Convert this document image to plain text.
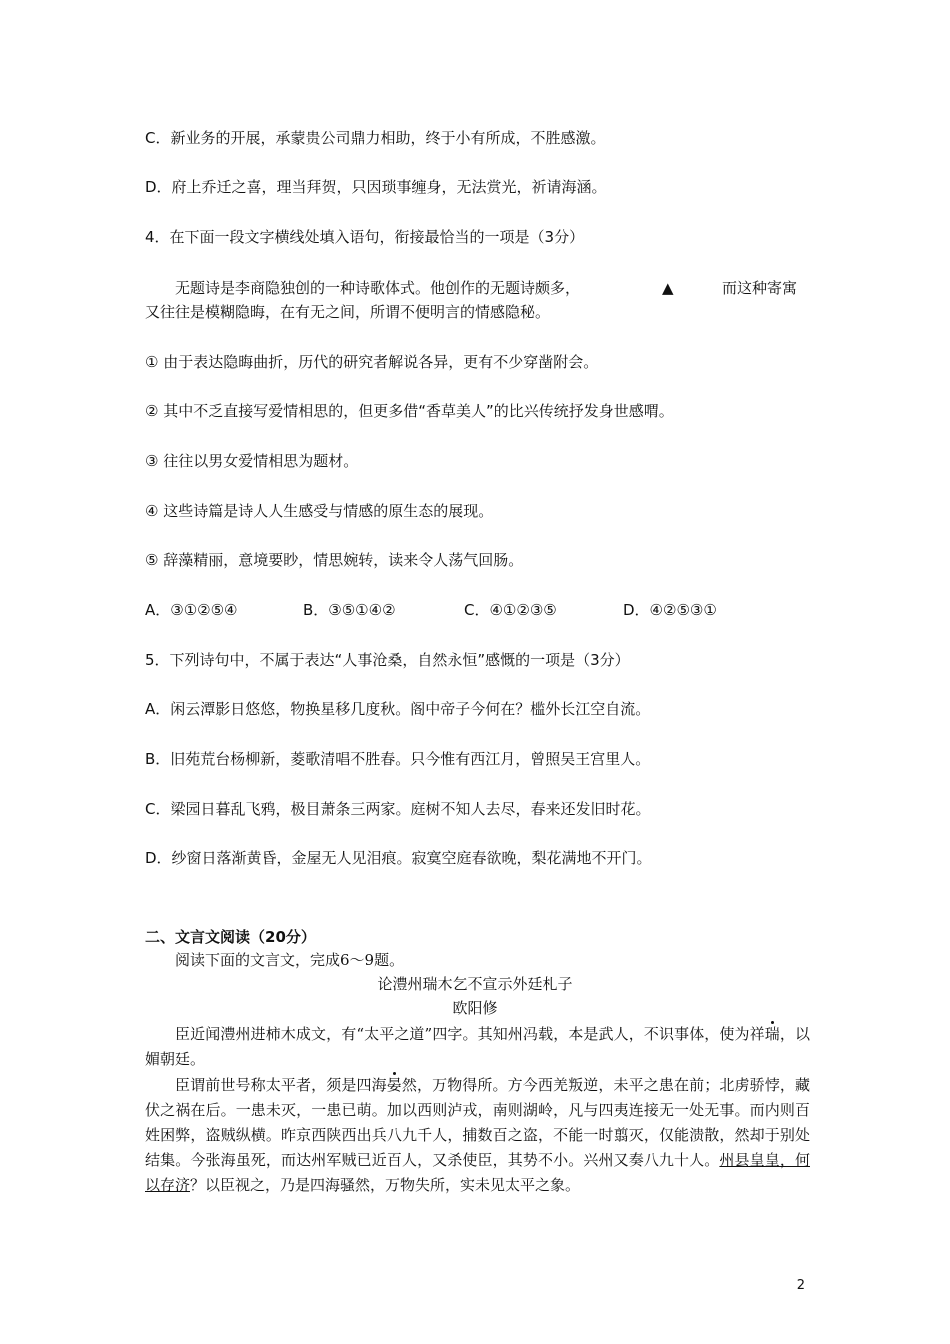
C．新业务的开展，承蒙贵公司鼎力相助，终于小有所成，不胜感激。
D．府上乔迁之喜，理当拜贺，只因琐事缠身，无法赏光，祈请海涵。
4．在下面一段文字横线处填入语句，衔接最恰当的一项是（3分）
无题诗是李商隐独创的一种诗歌体式。他创作的无题诗颇多，	▲	而这种寄寓
又往往是模糊隐晦，在有无之间，所谓不便明言的情感隐秘。
① 由于表达隐晦曲折，历代的研究者解说各异，更有不少穿凿附会。
② 其中不乏直接写爱情相思的，但更多借“香草美人”的比兴传统抒发身世感喟。
③ 往往以男女爱情相思为题材。
④ 这些诗篇是诗人人生感受与情感的原生态的展现。
⑤ 辞藻精丽，意境要眇，情思婉转，读来令人荡气回肠。
A．③①②⑤④	B．③⑤①④②	C．④①②③⑤	D．④②⑤③①
5．下列诗句中，不属于表达“人事沧桑，自然永恒”感慨的一项是（3分）
A．闲云潭影日悠悠，物换星移几度秋。阁中帝子今何在？槛外长江空自流。
B．旧苑荒台杨柳新，菱歌清唱不胜春。只今惟有西江月，曾照吴王宫里人。
C．梁园日暮乱飞鸦，极目萧条三两家。庭树不知人去尽，春来还发旧时花。
D．纱窗日落渐黄昏，金屋无人见泪痕。寂寞空庭春欲晚，梨花满地不开门。
二、文言文阅读（20分）
阅读下面的文言文，完成6～9题。
论澧州瑞木乞不宣示外廷札子
欧阳修
臣近闻澧州进柿木成文，有“太平之道”四字。其知州冯载，本是武人，不识事体，使为祥瑞，以媚朝廷。
臣谓前世号称太平者，须是四海晏然，万物得所。方今西羌叛逆，未平之患在前；北虏骄悖，藏伏之祸在后。一患未灭，一患已萌。加以西则泸戎，南则湖岭，凡与四夷连接无一处无事。而内则百姓困弊，盗贼纵横。昨京西陕西出兵八九千人，捕数百之盗，不能一时翦灭，仅能溃散，然却于别处结集。今张海虽死，而达州军贼已近百人，又杀使臣，其势不小。兴州又奏八九十人。州县皇皇，何以存济？以臣视之，乃是四海骚然，万物失所，实未见太平之象。
2
